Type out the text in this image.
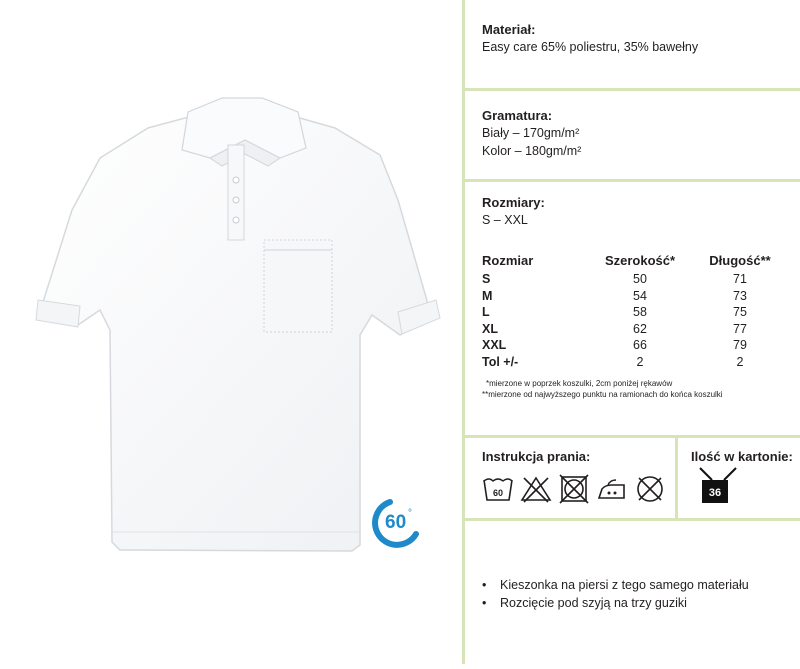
60 °
Materiał:
Easy care 65% poliestru, 35% bawełny
Gramatura:
Biały – 170gm/m²
Kolor – 180gm/m²
Rozmiary:
S – XXL
Rozmiar	Szerokość*	Długość**
S	50	71
M	54	73
L	58	75
XL	62	77
XXL	66	79
Tol +/-	2	2
*mierzone w poprzek koszulki, 2cm poniżej rękawów
**mierzone od najwyższego punktu na ramionach do końca koszulki
Instrukcja prania:
60
Ilość w kartonie:
36
•	Kieszonka na piersi z tego samego materiału
•	Rozcięcie pod szyją na trzy guziki
